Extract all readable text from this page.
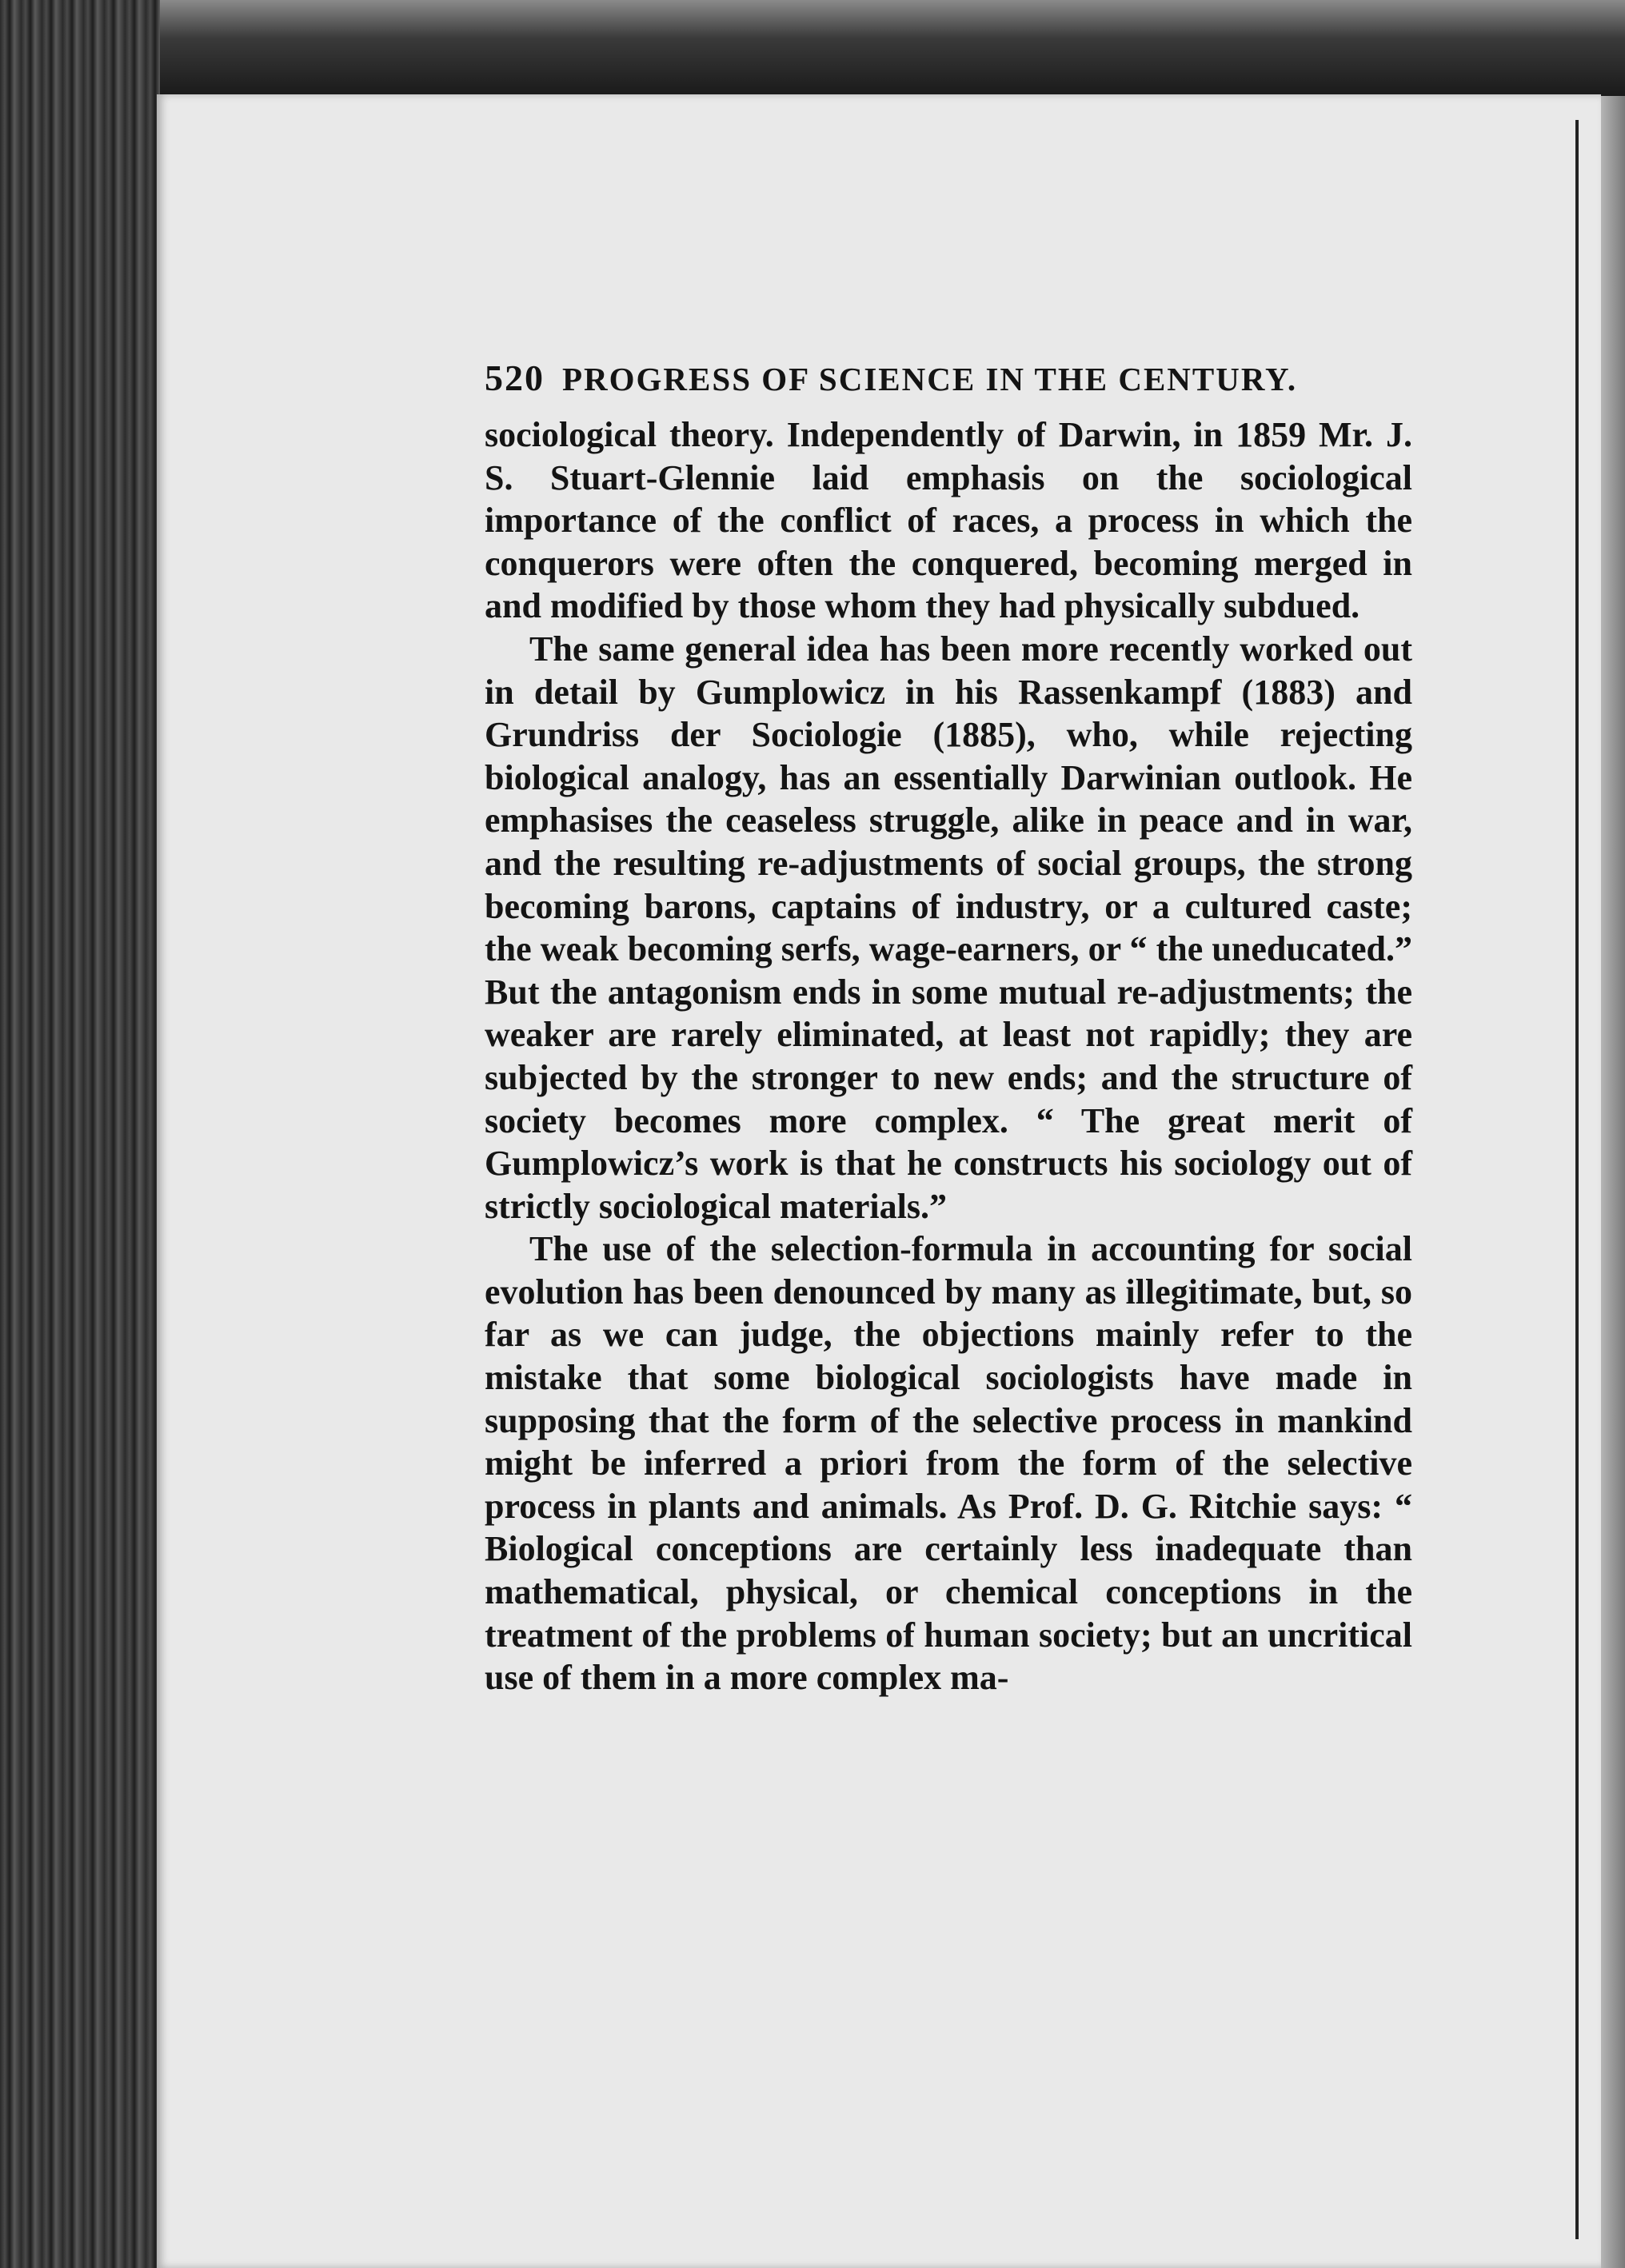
520 PROGRESS OF SCIENCE IN THE CENTURY.

sociological theory. Independently of Darwin, in 1859 Mr. J. S. Stuart-Glennie laid emphasis on the sociological importance of the conflict of races, a process in which the conquerors were often the conquered, becoming merged in and modified by those whom they had physically subdued.

The same general idea has been more recently worked out in detail by Gumplowicz in his Rassenkampf (1883) and Grundriss der Sociologie (1885), who, while rejecting biological analogy, has an essentially Darwinian outlook. He emphasises the ceaseless struggle, alike in peace and in war, and the resulting re-adjustments of social groups, the strong becoming barons, captains of industry, or a cultured caste; the weak becoming serfs, wage-earners, or “ the uneducated.” But the antagonism ends in some mutual re-adjustments; the weaker are rarely eliminated, at least not rapidly; they are subjected by the stronger to new ends; and the structure of society becomes more complex. “ The great merit of Gumplowicz’s work is that he constructs his sociology out of strictly sociological materials.”

The use of the selection-formula in accounting for social evolution has been denounced by many as illegitimate, but, so far as we can judge, the objections mainly refer to the mistake that some biological sociologists have made in supposing that the form of the selective process in mankind might be inferred a priori from the form of the selective process in plants and animals. As Prof. D. G. Ritchie says: “ Biological conceptions are certainly less inadequate than mathematical, physical, or chemical conceptions in the treatment of the problems of human society; but an uncritical use of them in a more complex ma-
